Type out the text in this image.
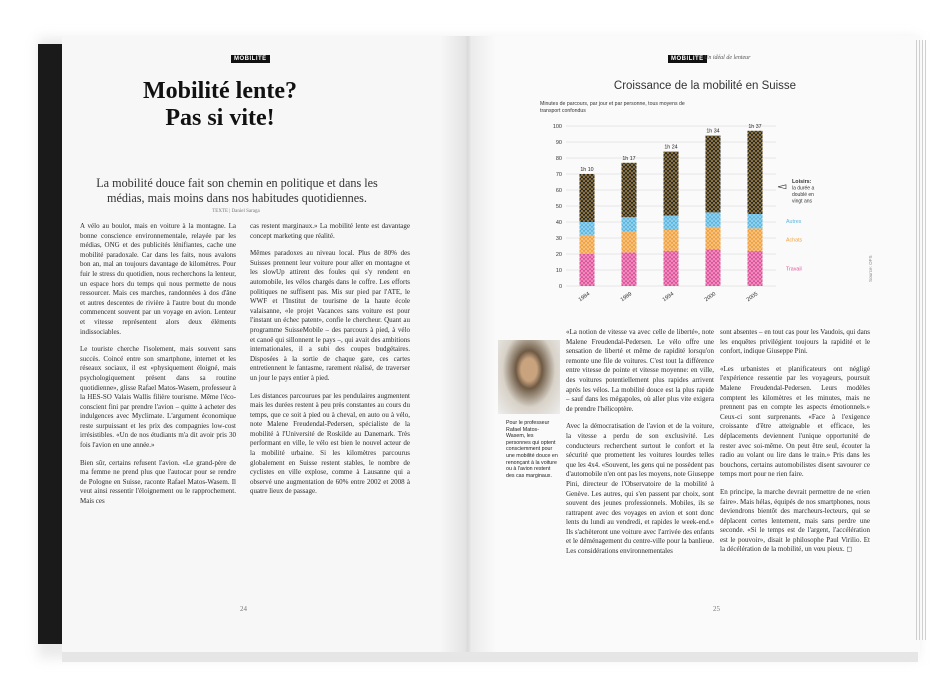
MOBILITÉ
Mobilité lente?
Pas si vite!
La mobilité douce fait son chemin en politique et dans les médias, mais moins dans nos habitudes quotidiennes.
TEXTE | Daniel Saraga

A vélo au boulot, mais en voiture à la montagne. La bonne conscience environnementale, relayée par les médias, ONG et des publicités lénifiantes, cache une mobilité paradoxale. Car dans les faits, nous avalons bon an, mal an toujours davantage de kilomètres. Pour fuir le stress du quotidien, nous recherchons la lenteur, un espace hors du temps qui nous permette de nous ressourcer. Mais ces marches, randonnées à dos d'âne et autres descentes de rivière à l'autre bout du monde commencent souvent par un voyage en avion. Lenteur et vitesse représentent alors deux éléments indissociables.

Le touriste cherche l'isolement, mais souvent sans succès. Coincé entre son smartphone, internet et les réseaux sociaux, il est «physiquement éloigné, mais psychologiquement présent dans sa routine quotidienne», glisse Rafael Matos-Wasem, professeur à la HES-SO Valais Wallis filière tourisme. Même l'éco-conscient fini par prendre l'avion – quitte à acheter des indulgences avec Myclimate. L'argument économique reste surpuissant et les prix des compagnies low-cost irrésistibles. «Un de nos étudiants m'a dit avoir pris 30 fois l'avion en une année.»

Bien sûr, certains refusent l'avion. «Le grand-père de ma femme ne prend plus que l'autocar pour se rendre de Pologne en Suisse, raconte Rafael Matos-Wasem. Il veut ainsi ressentir l'éloignement ou le rapprochement. Mais ces

cas restent marginaux.» La mobilité lente est davantage concept marketing que réalité.

Mêmes paradoxes au niveau local. Plus de 80% des Suisses prennent leur voiture pour aller en montagne et les slowUp attirent des foules qui s'y rendent en automobile, les vélos chargés dans le coffre. Les efforts politiques ne suffisent pas. Mis sur pied par l'ATE, le WWF et l'Institut de tourisme de la haute école valaisanne, «le projet Vacances sans voiture est pour l'instant un échec patent», confie le chercheur. Quant au programme SuisseMobile – des parcours à pied, à vélo et canoë qui sillonnent le pays –, qui avait des ambitions internationales, il a subi des coupes budgétaires. Disposées à la sortie de chaque gare, ces cartes entretiennent le fantasme, rarement réalisé, de traverser un jour le pays entier à pied.

Les distances parcourues par les pendulaires augmentent mais les durées restent à peu près constantes au cours du temps, que ce soit à pied ou à cheval, en auto ou à vélo, note Malene Freudendal-Pedersen, spécialiste de la mobilité à l'Université de Roskilde au Danemark. Très performant en ville, le vélo est bien le nouvel acteur de la mobilité urbaine. Si les kilomètres parcourus globalement en Suisse restent stables, le nombre de cyclistes en ville explose, comme à Lausanne qui a observé une augmentation de 60% entre 2002 et 2008 à quatre lieux de passage.

24
MOBILITÉ Un idéal de lenteur
Croissance de la mobilité en Suisse
Minutes de parcours, par jour et par personne, tous moyens de transport confondus
0
10
20
30
40
50
60
70
80
90
100
1h 10
1984
1h 17
1989
1h 24
1994
1h 34
2000
1h 37
2005
Travail
Achats
Autres
Loisirs:
la durée a
doublé en
vingt ans
Source: OFS
Pour le professeur Rafael Matos-Wasem, les personnes qui optent consciemment pour une mobilité douce en renonçant à la voiture ou à l'avion restent des cas marginaux.

«La notion de vitesse va avec celle de liberté», note Malene Freudendal-Pedersen. Le vélo offre une sensation de liberté et même de rapidité lorsqu'on remonte une file de voitures. C'est tout la différence entre vitesse de pointe et vitesse moyenne: en ville, des voitures potentiellement plus rapides arrivent après les vélos. La mobilité douce est la plus rapide – sauf dans les mégapoles, où aller plus vite exigera de prendre l'hélicoptère.

Avec la démocratisation de l'avion et de la voiture, la vitesse a perdu de son exclusivité. Les conducteurs recherchent surtout le confort et la sécurité que promettent les voitures lourdes telles que les 4x4. «Souvent, les gens qui ne possèdent pas d'automobile n'en ont pas les moyens, note Giuseppe Pini, directeur de l'Observatoire de la mobilité à Genève. Les autres, qui s'en passent par choix, sont souvent des jeunes professionnels. Mobiles, ils se rattrapent avec des voyages en avion et sont donc lents du lundi au vendredi, et rapides le week-end.» Ils s'achèteront une voiture avec l'arrivée des enfants et le déménagement du centre-ville pour la banlieue. Les considérations environnementales

sont absentes – en tout cas pour les Vaudois, qui dans les enquêtes privilégient toujours la rapidité et le confort, indique Giuseppe Pini.

«Les urbanistes et planificateurs ont négligé l'expérience ressentie par les voyageurs, poursuit Malene Freudendal-Pedersen. Leurs modèles comptent les kilomètres et les minutes, mais ne prennent pas en compte les aspects émotionnels.» Ceux-ci sont surprenants. «Face à l'exigence croissante d'être atteignable et efficace, les déplacements deviennent l'unique opportunité de rester avec soi-même. On peut être seul, écouter la radio au volant ou lire dans le train.» Pris dans les bouchons, certains automobilistes disent savourer ce temps mort pour ne rien faire.

En principe, la marche devrait permettre de ne «rien faire». Mais hélas, équipés de nos smartphones, nous deviendrons bientôt des marcheurs-lecteurs, qui se déplacent certes lentement, mais sans perdre une seconde. «Si le temps est de l'argent, l'accélération est le pouvoir», disait le philosophe Paul Virilio. Et la décélération de la mobilité, un vœu pieux. ◻

25
